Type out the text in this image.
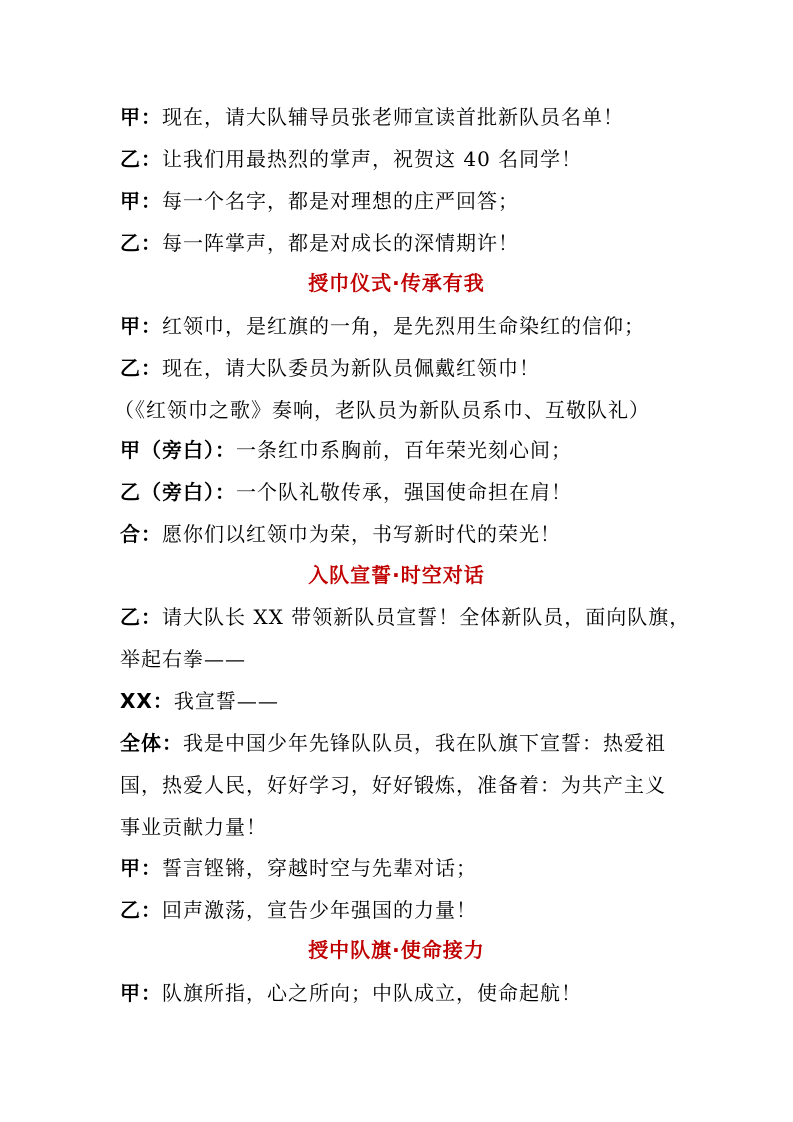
甲：现在，请大队辅导员张老师宣读首批新队员名单！
乙：让我们用最热烈的掌声，祝贺这 40 名同学！
甲：每一个名字，都是对理想的庄严回答；
乙：每一阵掌声，都是对成长的深情期许！
授巾仪式·传承有我
甲：红领巾，是红旗的一角，是先烈用生命染红的信仰；
乙：现在，请大队委员为新队员佩戴红领巾！
（《红领巾之歌》奏响，老队员为新队员系巾、互敬队礼）
甲（旁白）：一条红巾系胸前，百年荣光刻心间；
乙（旁白）：一个队礼敬传承，强国使命担在肩！
合：愿你们以红领巾为荣，书写新时代的荣光！
入队宣誓·时空对话
乙：请大队长 XX 带领新队员宣誓！全体新队员，面向队旗，
举起右拳——
XX：我宣誓——
全体：我是中国少年先锋队队员，我在队旗下宣誓：热爱祖
国，热爱人民，好好学习，好好锻炼，准备着：为共产主义
事业贡献力量！
甲：誓言铿锵，穿越时空与先辈对话；
乙：回声激荡，宣告少年强国的力量！
授中队旗·使命接力
甲：队旗所指，心之所向；中队成立，使命起航！
